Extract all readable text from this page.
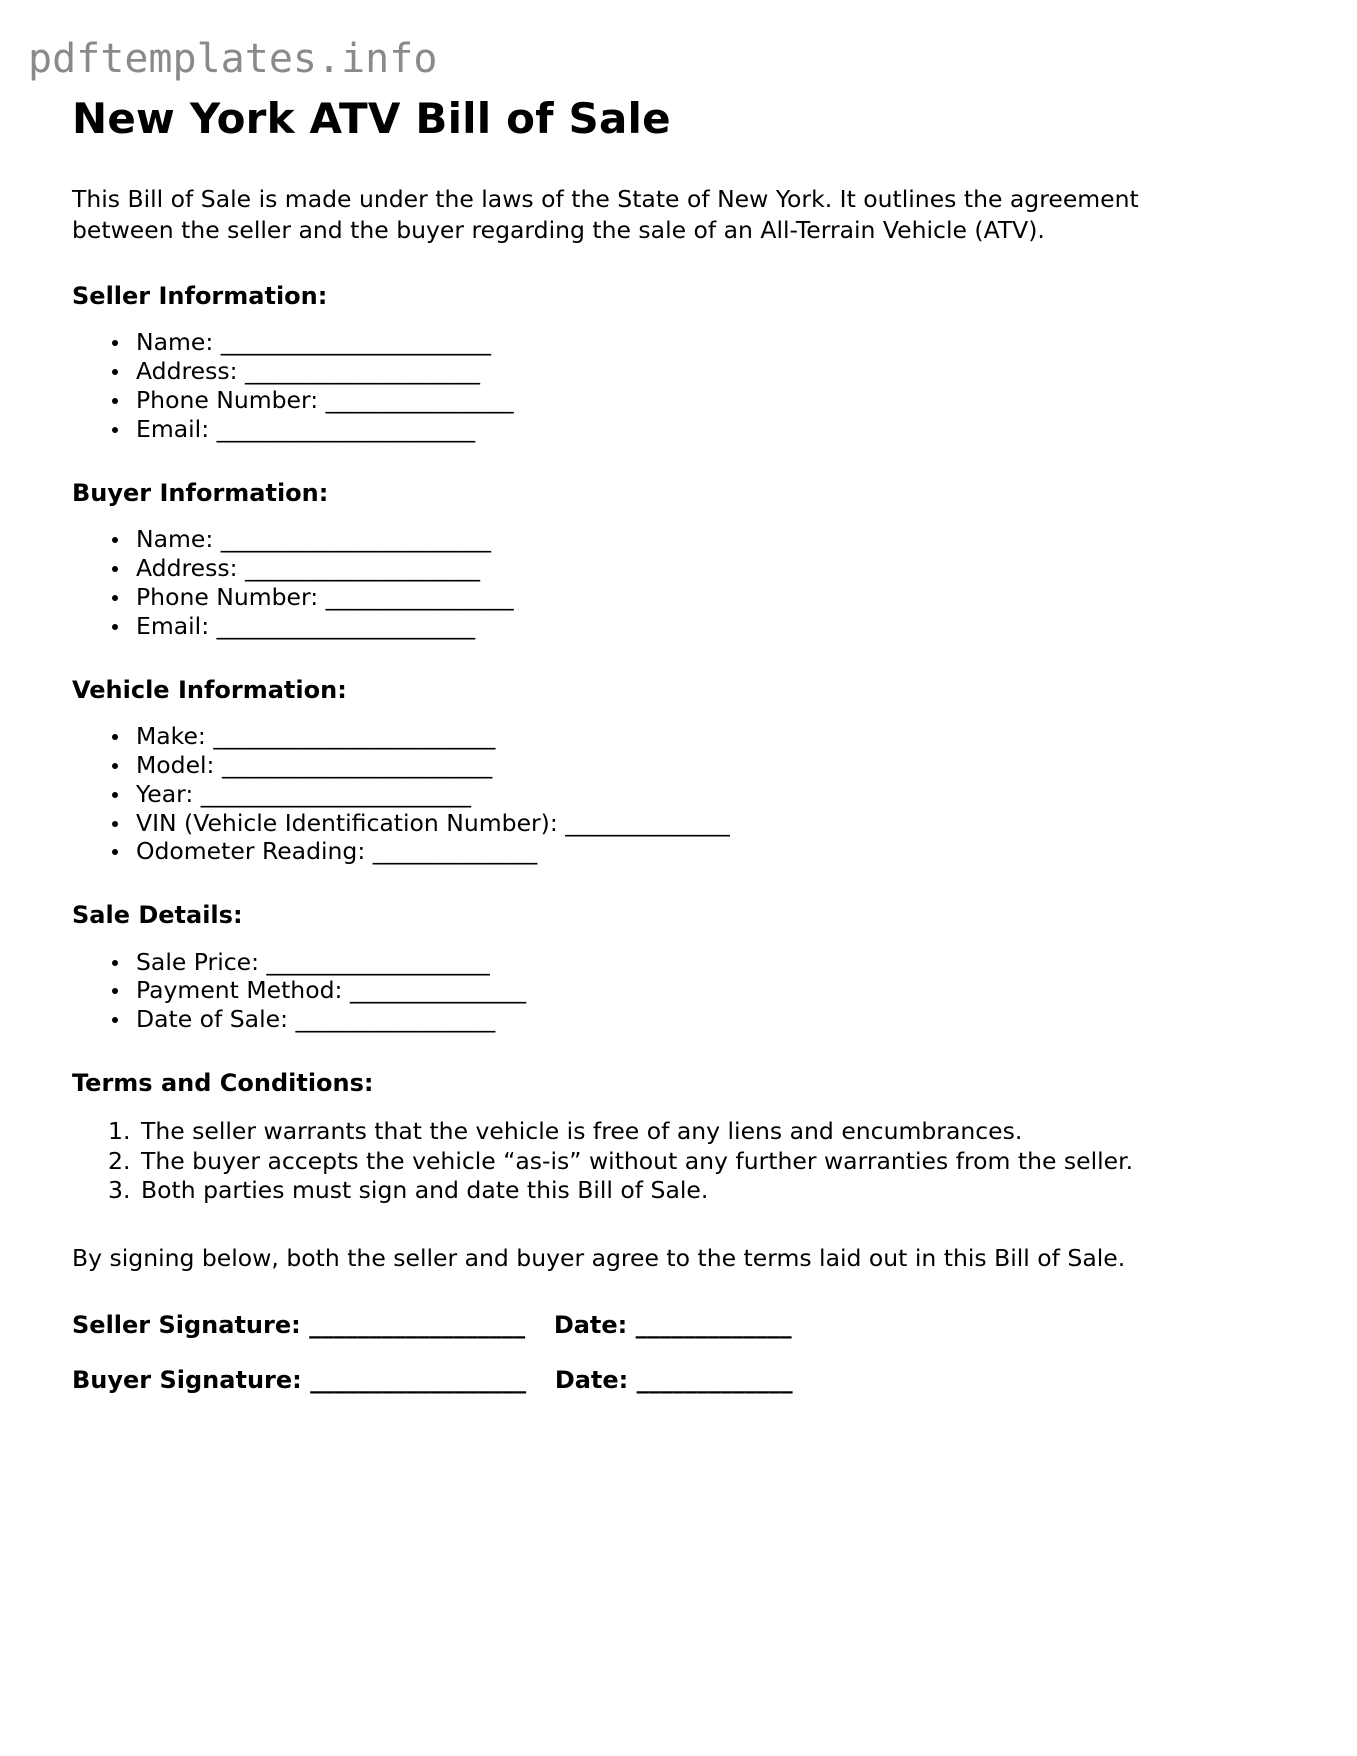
pdftemplates.info
New York ATV Bill of Sale

This Bill of Sale is made under the laws of the State of New York. It outlines the agreement between the seller and the buyer regarding the sale of an All-Terrain Vehicle (ATV).

Seller Information:
Name: _______________________
Address: ____________________
Phone Number: ________________
Email: ______________________
Buyer Information:
Name: _______________________
Address: ____________________
Phone Number: ________________
Email: ______________________
Vehicle Information:
Make: ________________________
Model: _______________________
Year: _______________________
VIN (Vehicle Identification Number): ______________
Odometer Reading: ______________
Sale Details:
Sale Price: ___________________
Payment Method: _______________
Date of Sale: _________________
Terms and Conditions:
The seller warrants that the vehicle is free of any liens and encumbrances.
The buyer accepts the vehicle “as-is” without any further warranties from the seller.
Both parties must sign and date this Bill of Sale.

By signing below, both the seller and buyer agree to the terms laid out in this Bill of Sale.

Seller Signature: __________________ Date: _____________
Buyer Signature: __________________ Date: _____________
